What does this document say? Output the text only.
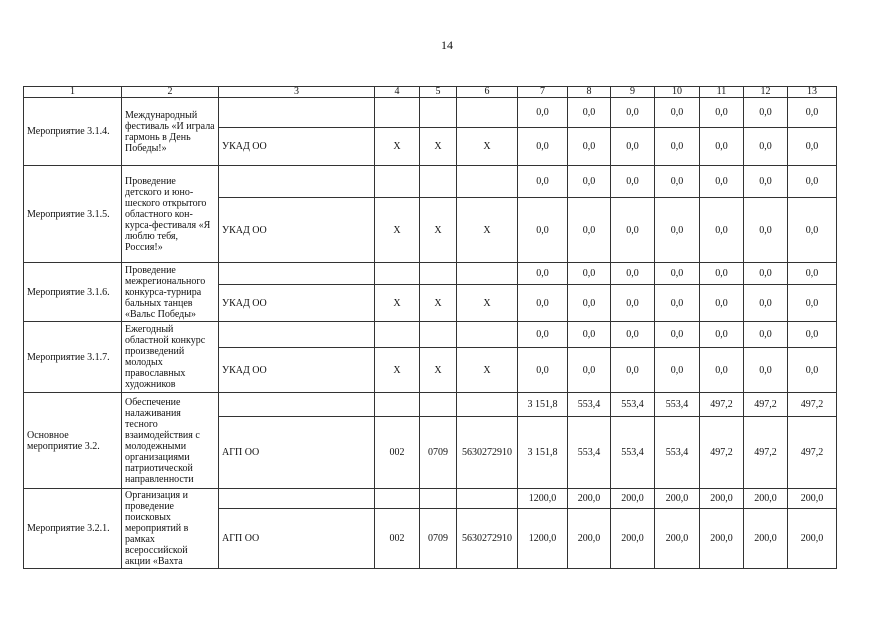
14
1	2	3	4	5	6	7	8	9	10	11	12	13
Мероприятие 3.1.4.	Международный фестиваль «И играла гармонь в День Победы!»					0,0	0,0	0,0	0,0	0,0	0,0	0,0
		УКАД ОО	Х	Х	Х	0,0	0,0	0,0	0,0	0,0	0,0	0,0
Мероприятие 3.1.5.	Проведение детского и юно-шеского открытого областного кон-курса-фестиваля «Я люблю тебя, Россия!»					0,0	0,0	0,0	0,0	0,0	0,0	0,0
		УКАД ОО	Х	Х	Х	0,0	0,0	0,0	0,0	0,0	0,0	0,0
Мероприятие 3.1.6.	Проведение межрегионального конкурса-турнира бальных танцев «Вальс Победы»					0,0	0,0	0,0	0,0	0,0	0,0	0,0
		УКАД ОО	Х	Х	Х	0,0	0,0	0,0	0,0	0,0	0,0	0,0
Мероприятие 3.1.7.	Ежегодный областной конкурс произведений молодых православных художников					0,0	0,0	0,0	0,0	0,0	0,0	0,0
		УКАД ОО	Х	Х	Х	0,0	0,0	0,0	0,0	0,0	0,0	0,0
Основное мероприятие 3.2.	Обеспечение налаживания тесного взаимодействия с молодежными организациями патриотической направленности					3 151,8	553,4	553,4	553,4	497,2	497,2	497,2
		АГП ОО	002	0709	5630272910	3 151,8	553,4	553,4	553,4	497,2	497,2	497,2
Мероприятие 3.2.1.	Организация и проведение поисковых мероприятий в рамках всероссийской акции «Вахта					1200,0	200,0	200,0	200,0	200,0	200,0	200,0
		АГП ОО	002	0709	5630272910	1200,0	200,0	200,0	200,0	200,0	200,0	200,0
